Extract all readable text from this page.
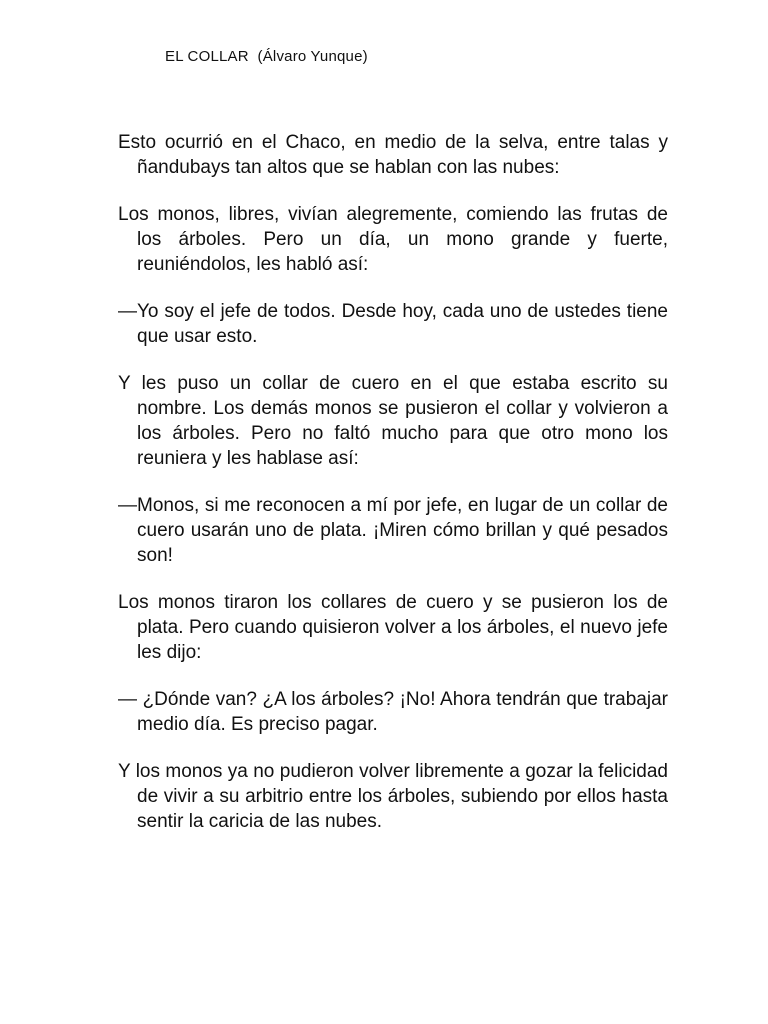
EL COLLAR  (Álvaro Yunque)

Esto ocurrió en el Chaco, en medio de la selva, entre talas y ñandubays tan altos que se hablan con las nubes:

Los monos, libres, vivían alegremente, comiendo las frutas de los árboles. Pero un día, un mono grande y fuerte, reuniéndolos, les habló así:

—Yo soy el jefe de todos. Desde hoy, cada uno de ustedes tiene que usar esto.

Y les puso un collar de cuero en el que estaba escrito su nombre. Los demás monos se pusieron el collar y volvieron a los árboles. Pero no faltó mucho para que otro mono los reuniera y les hablase así:

—Monos, si me reconocen a mí por jefe, en lugar de un collar de cuero usarán uno de plata. ¡Miren cómo brillan y qué pesados son!

Los monos tiraron los collares de cuero y se pusieron los de plata. Pero cuando quisieron volver a los árboles, el nuevo jefe les dijo:

— ¿Dónde van? ¿A los árboles? ¡No! Ahora tendrán que trabajar medio día. Es preciso pagar.

Y los monos ya no pudieron volver libremente a gozar la felicidad de vivir a su arbitrio entre los árboles, subiendo por ellos hasta sentir la caricia de las nubes.
